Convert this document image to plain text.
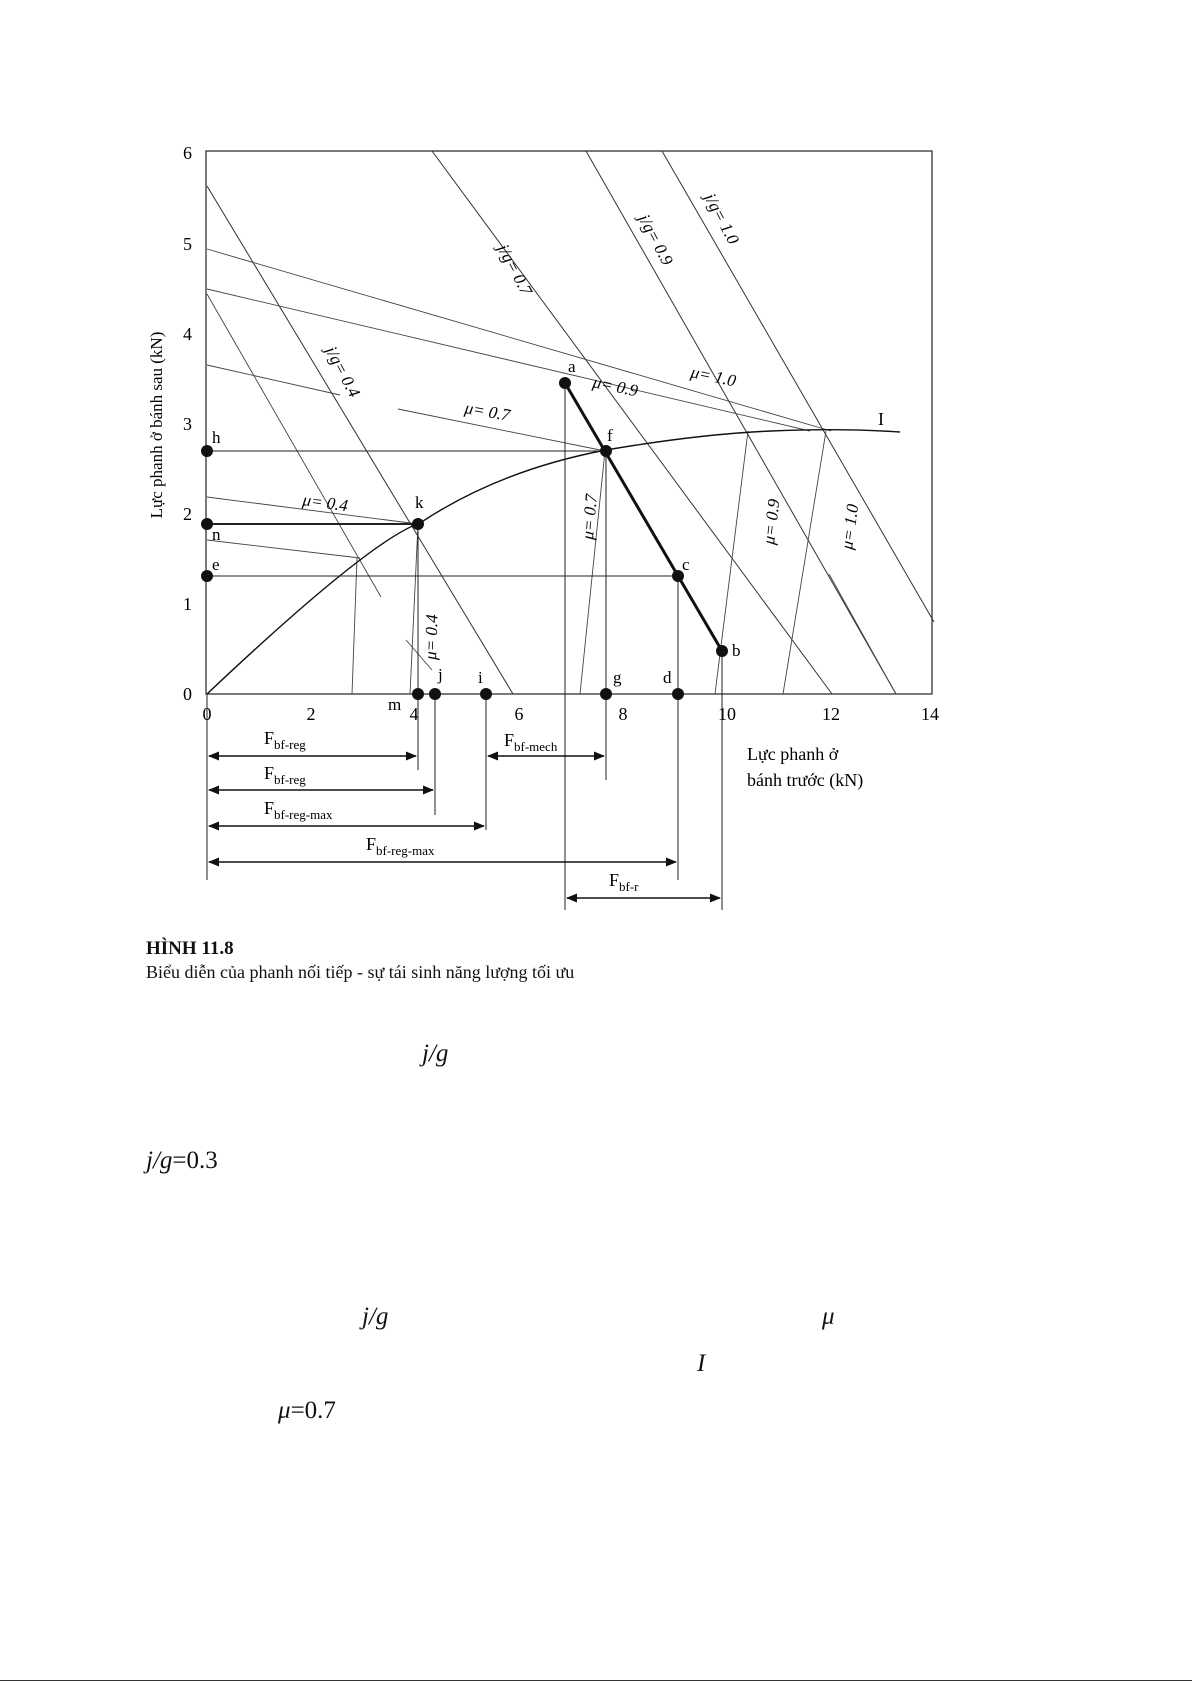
0
1
2
3
4
5
6
0	2	4	6	8	10	12	14
Lực phanh ở bánh sau (kN)
Lực phanh ở
bánh trước (kN)
I
a
f
c
b
k
h
n
e
m
j i	g d
j/g= 0.4
j/g= 0.7
j/g= 0.9 j/g= 1.0
μ= 0.4
μ= 0.7
μ= 0.9	μ= 1.0
μ= 0.4
μ= 0.7	μ= 0.9	μ= 1.0
$F_{bf-reg}$	$F_{bf-mech}$
$F_{bf-reg}$
$F_{bf-reg-max}$
$F_{bf-reg-max}$
$F_{bf-r}$
HÌNH 11.8
Biểu diễn của phanh nối tiếp - sự tái sinh năng lượng tối ưu
j/g
j/g=0.3
j/g	μ
I
μ=0.7
